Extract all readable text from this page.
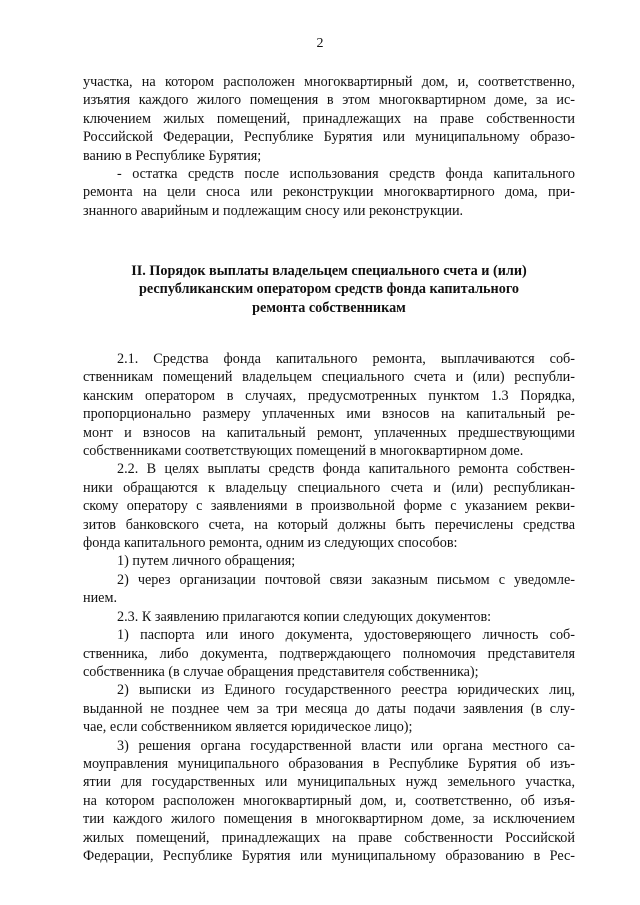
2
участка, на котором расположен многоквартирный дом, и, соответственно,
изъятия каждого жилого помещения в этом многоквартирном доме, за ис-
ключением жилых помещений, принадлежащих на праве собственности
Российской Федерации, Республике Бурятия или муниципальному образо-
ванию в Республике Бурятия;
- остатка средств после использования средств фонда капитального
ремонта на цели сноса или реконструкции многоквартирного дома, при-
знанного аварийным и подлежащим сносу или реконструкции.
II. Порядок выплаты владельцем специального счета и (или)
республиканским оператором средств фонда капитального
ремонта собственникам
2.1. Средства фонда капитального ремонта, выплачиваются соб-
ственникам помещений владельцем специального счета и (или) республи-
канским оператором в случаях, предусмотренных пунктом 1.3 Порядка,
пропорционально размеру уплаченных ими взносов на капитальный ре-
монт и взносов на капитальный ремонт, уплаченных предшествующими
собственниками соответствующих помещений в многоквартирном доме.
2.2. В целях выплаты средств фонда капитального ремонта собствен-
ники обращаются к владельцу специального счета и (или) республикан-
скому оператору с заявлениями в произвольной форме с указанием рекви-
зитов банковского счета, на который должны быть перечислены средства
фонда капитального ремонта, одним из следующих способов:
1) путем личного обращения;
2) через организации почтовой связи заказным письмом с уведомле-
нием.
2.3. К заявлению прилагаются копии следующих документов:
1) паспорта или иного документа, удостоверяющего личность соб-
ственника, либо документа, подтверждающего полномочия представителя
собственника (в случае обращения представителя собственника);
2) выписки из Единого государственного реестра юридических лиц,
выданной не позднее чем за три месяца до даты подачи заявления (в слу-
чае, если собственником является юридическое лицо);
3) решения органа государственной власти или органа местного са-
моуправления муниципального образования в Республике Бурятия об изъ-
ятии для государственных или муниципальных нужд земельного участка,
на котором расположен многоквартирный дом, и, соответственно, об изъя-
тии каждого жилого помещения в многоквартирном доме, за исключением
жилых помещений, принадлежащих на праве собственности Российской
Федерации, Республике Бурятия или муниципальному образованию в Рес-
